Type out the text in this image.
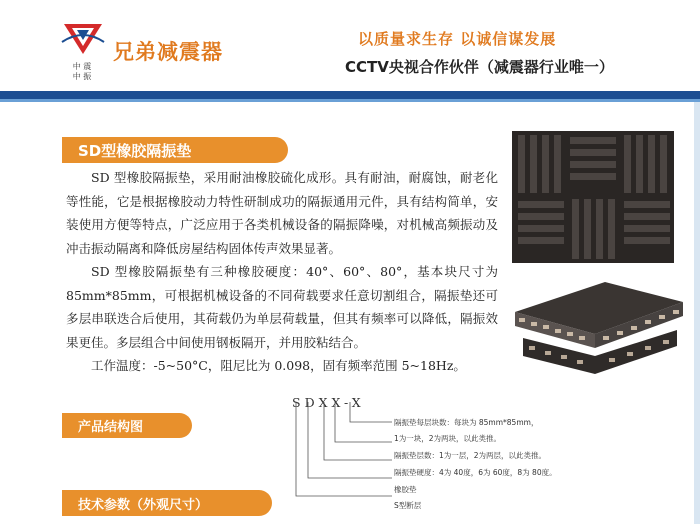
中 震
中 振
兄弟减震器
以质量求生存 以诚信谋发展
CCTV央视合作伙伴（减震器行业唯一）
SD型橡胶隔振垫

SD 型橡胶隔振垫，采用耐油橡胶硫化成形。具有耐油，耐腐蚀，耐老化等性能，它是根据橡胶动力特性研制成功的隔振通用元件，具有结构简单，安装使用方便等特点，广泛应用于各类机械设备的隔振降噪，对机械高频振动及冲击振动隔离和降低房屋结构固体传声效果显著。

SD 型橡胶隔振垫有三种橡胶硬度：40°、60°、80°，基本块尺寸为 85mm*85mm，可根据机械设备的不同荷载要求任意切割组合，隔振垫还可多层串联迭合后使用，其荷载仍为单层荷载量，但其有频率可以降低，隔振效果更佳。多层组合中间使用钢板隔开，并用胶粘结合。

工作温度：-5~50°C，阻尼比为 0.098，固有频率范围 5~18Hz。

产品结构图
SDXX-X
隔振垫每层块数：每块为 85mm*85mm，
1为一块，2为两块，以此类推。
隔振垫层数：1为一层，2为两层，以此类推。
隔振垫硬度：4为 40度，6为 60度，8为 80度。
橡胶垫
S型断层
技术参数（外观尺寸）
